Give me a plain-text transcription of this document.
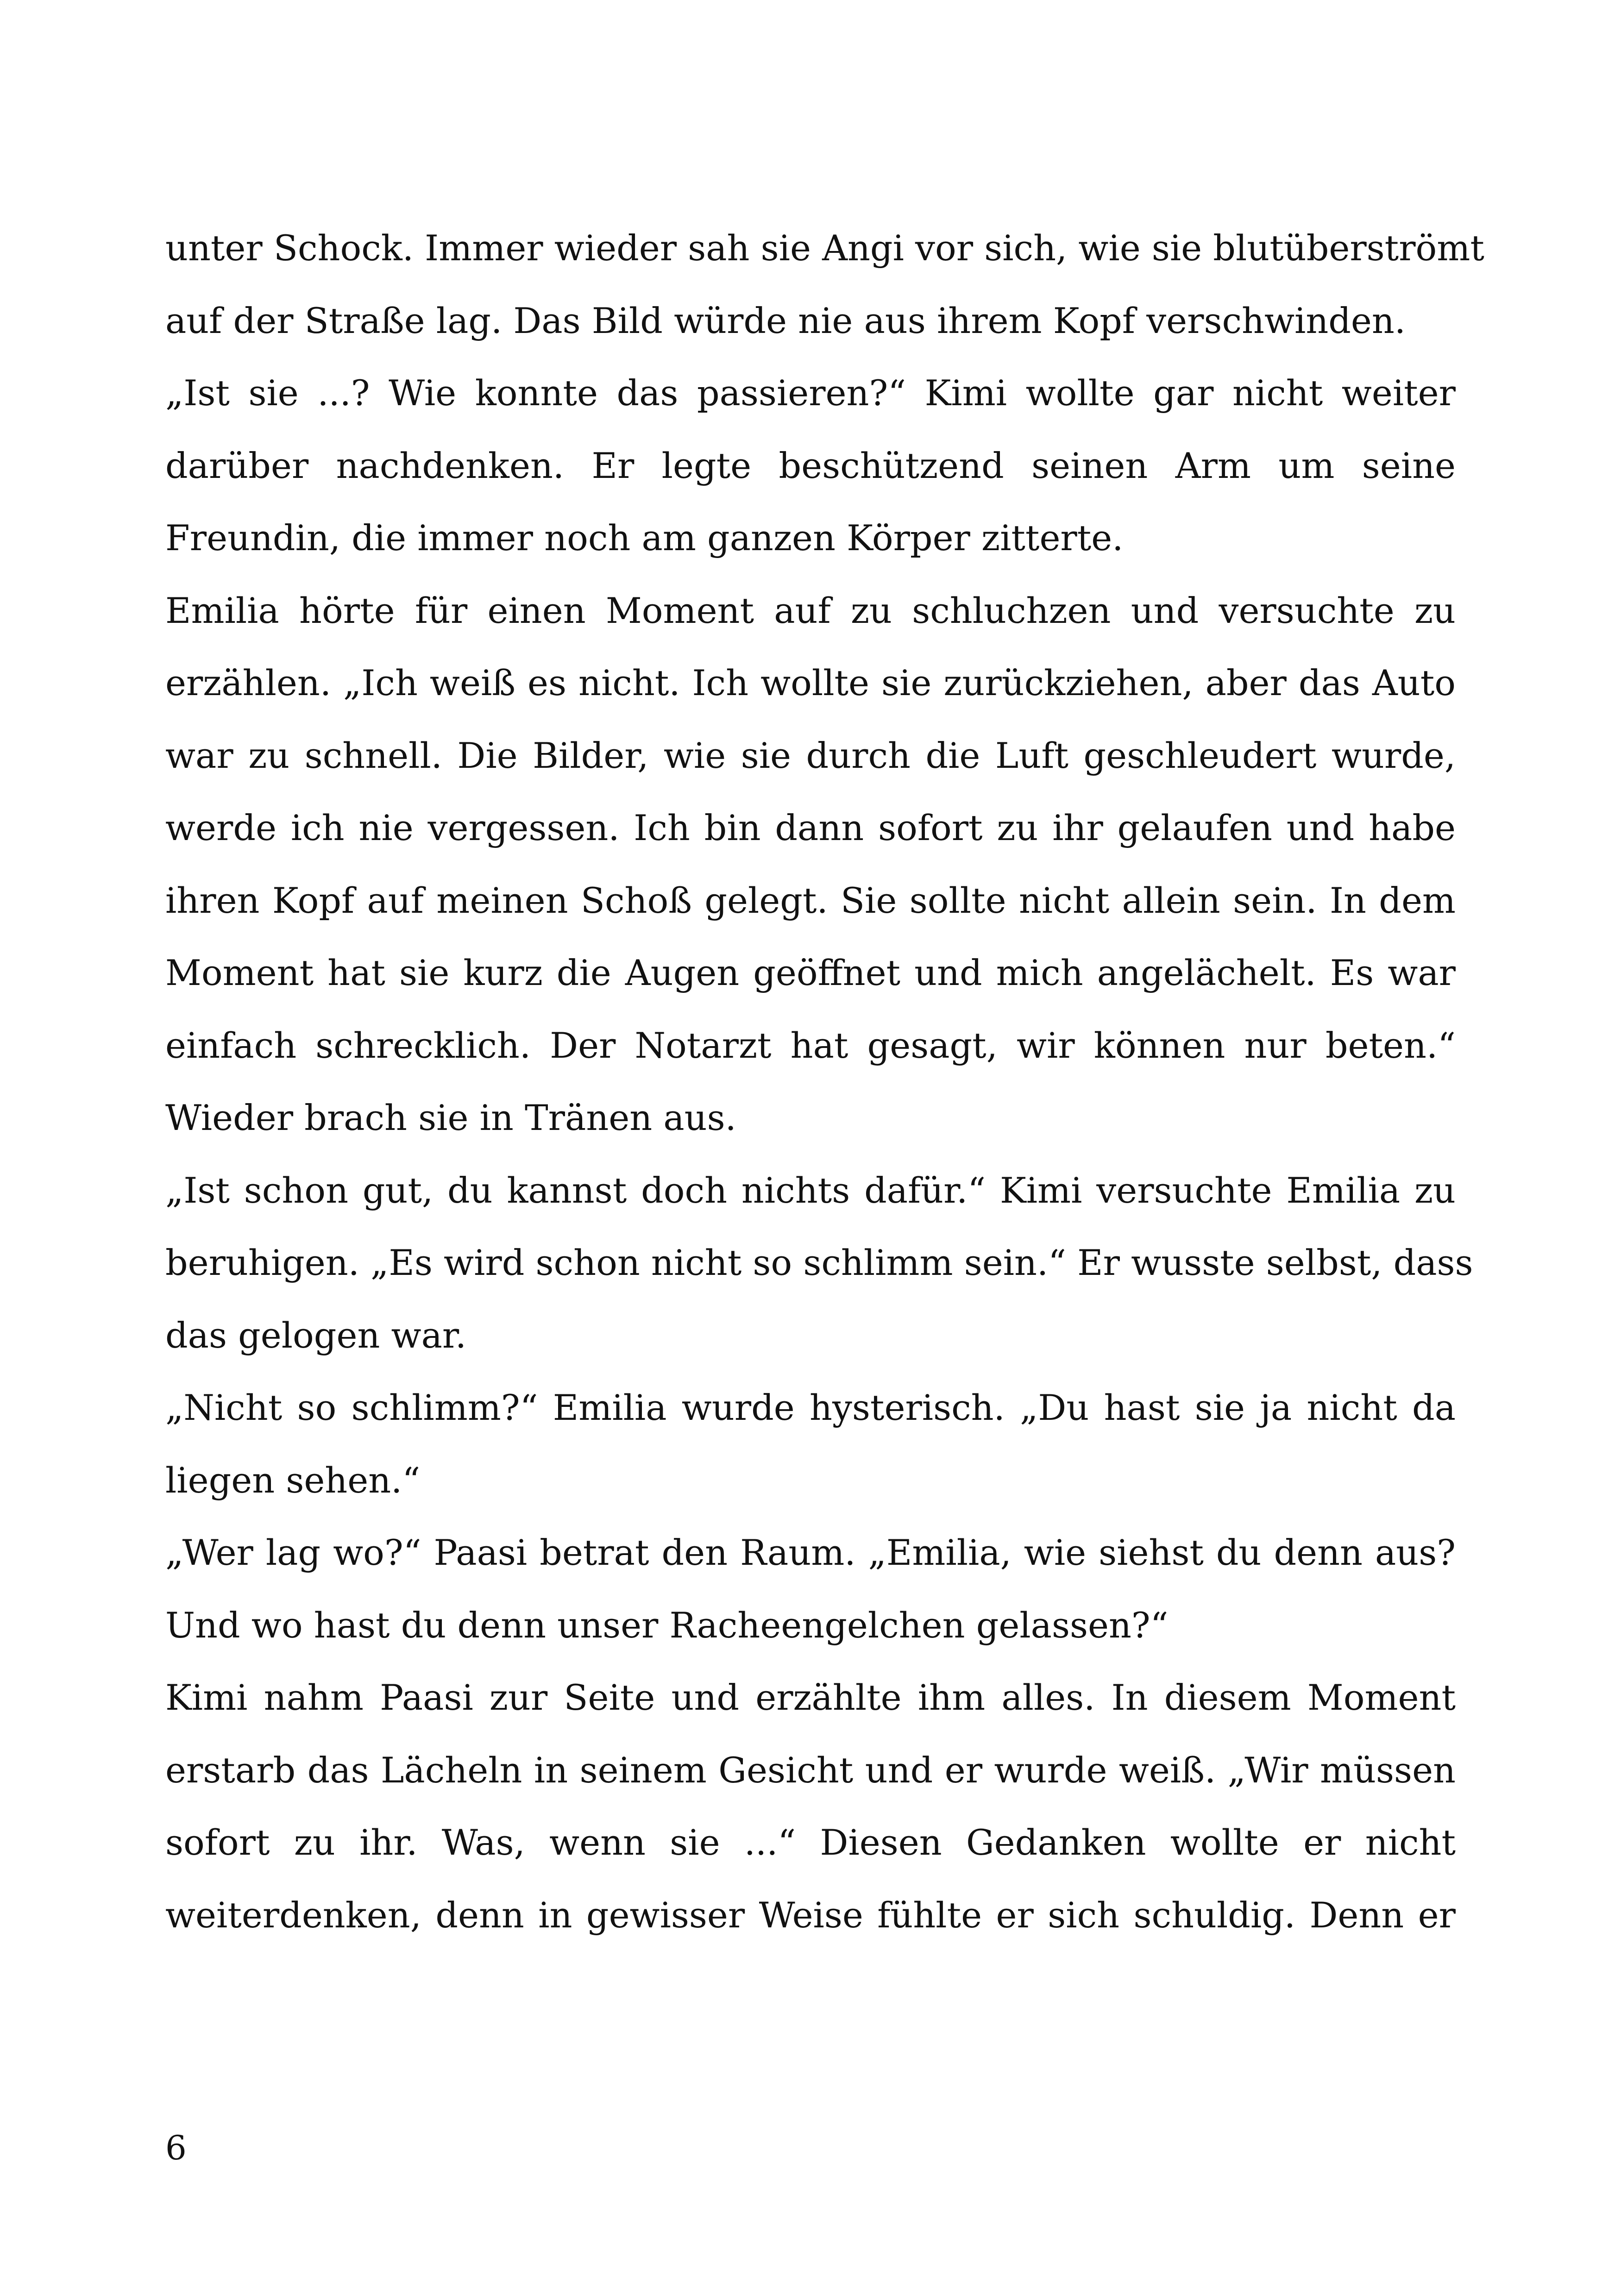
unter Schock. Immer wieder sah sie Angi vor sich, wie sie blutüberströmt
auf der Straße lag. Das Bild würde nie aus ihrem Kopf verschwinden.
„Ist sie ...? Wie konnte das passieren?“ Kimi wollte gar nicht weiter
darüber nachdenken. Er legte beschützend seinen Arm um seine
Freundin, die immer noch am ganzen Körper zitterte.
Emilia hörte für einen Moment auf zu schluchzen und versuchte zu
erzählen. „Ich weiß es nicht. Ich wollte sie zurückziehen, aber das Auto
war zu schnell. Die Bilder, wie sie durch die Luft geschleudert wurde,
werde ich nie vergessen. Ich bin dann sofort zu ihr gelaufen und habe
ihren Kopf auf meinen Schoß gelegt. Sie sollte nicht allein sein. In dem
Moment hat sie kurz die Augen geöffnet und mich angelächelt. Es war
einfach schrecklich. Der Notarzt hat gesagt, wir können nur beten.“
Wieder brach sie in Tränen aus.
„Ist schon gut, du kannst doch nichts dafür.“ Kimi versuchte Emilia zu
beruhigen. „Es wird schon nicht so schlimm sein.“ Er wusste selbst, dass
das gelogen war.
„Nicht so schlimm?“ Emilia wurde hysterisch. „Du hast sie ja nicht da
liegen sehen.“
„Wer lag wo?“ Paasi betrat den Raum. „Emilia, wie siehst du denn aus?
Und wo hast du denn unser Racheengelchen gelassen?“
Kimi nahm Paasi zur Seite und erzählte ihm alles. In diesem Moment
erstarb das Lächeln in seinem Gesicht und er wurde weiß. „Wir müssen
sofort zu ihr. Was, wenn sie ...“ Diesen Gedanken wollte er nicht
weiterdenken, denn in gewisser Weise fühlte er sich schuldig. Denn er
6
